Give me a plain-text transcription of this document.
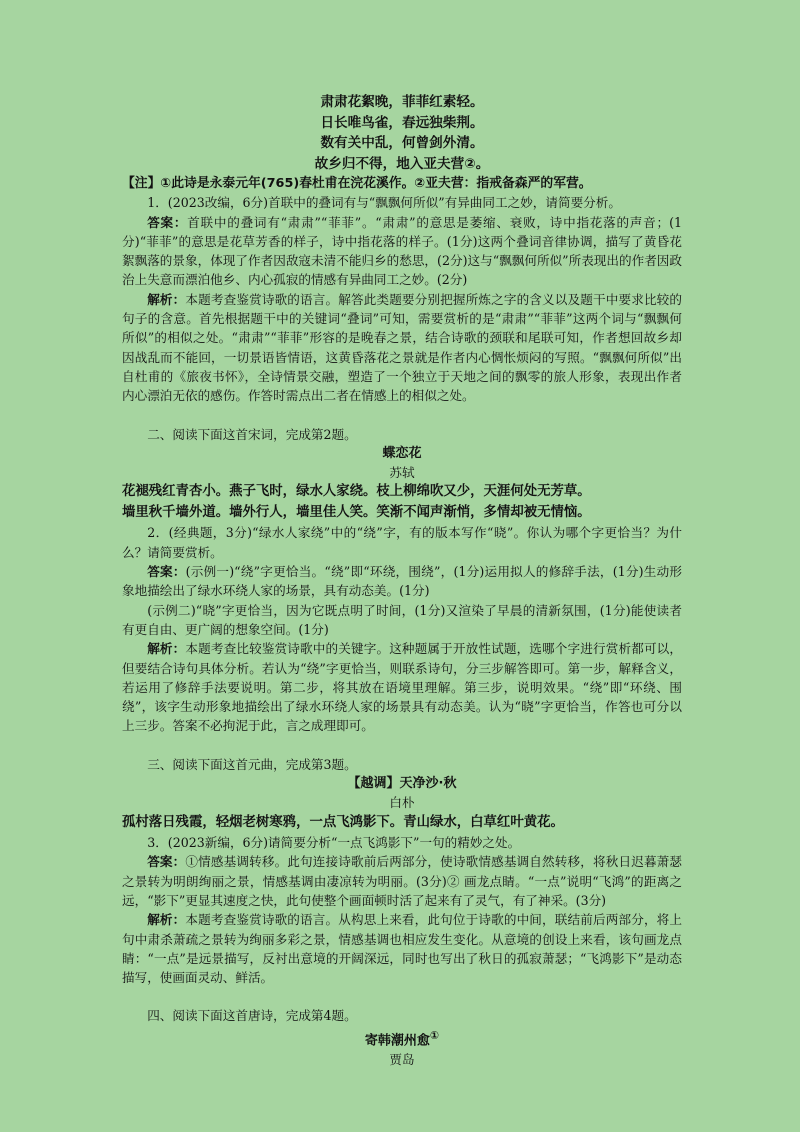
肃肃花絮晚，菲菲红素轻。

日长唯鸟雀，春远独柴荆。

数有关中乱，何曾剑外清。

故乡归不得，地入亚夫营②。

【注】①此诗是永泰元年(765)春杜甫在浣花溪作。②亚夫营：指戒备森严的军营。

1．(2023改编，6分)首联中的叠词有与“飘飘何所似”有异曲同工之妙，请简要分析。

答案：首联中的叠词有“肃肃”“菲菲”。“肃肃”的意思是萎缩、衰败，诗中指花落的声音；(1分)“菲菲”的意思是花草芳香的样子，诗中指花落的样子。(1分)这两个叠词音律协调，描写了黄昏花絮飘落的景象，体现了作者因敌寇未清不能归乡的愁思，(2分)这与“飘飘何所似”所表现出的作者因政治上失意而漂泊他乡、内心孤寂的情感有异曲同工之妙。(2分)

解析：本题考查鉴赏诗歌的语言。解答此类题要分别把握所炼之字的含义以及题干中要求比较的句子的含意。首先根据题干中的关键词“叠词”可知，需要赏析的是“肃肃”“菲菲”这两个词与“飘飘何所似”的相似之处。“肃肃”“菲菲”形容的是晚春之景，结合诗歌的颈联和尾联可知，作者想回故乡却因战乱而不能回，一切景语皆情语，这黄昏落花之景就是作者内心惆怅烦闷的写照。“飘飘何所似”出自杜甫的《旅夜书怀》，全诗情景交融，塑造了一个独立于天地之间的飘零的旅人形象，表现出作者内心漂泊无依的感伤。作答时需点出二者在情感上的相似之处。

二、阅读下面这首宋词，完成第2题。

蝶恋花

苏轼

花褪残红青杏小。燕子飞时，绿水人家绕。枝上柳绵吹又少，天涯何处无芳草。

墙里秋千墙外道。墙外行人，墙里佳人笑。笑渐不闻声渐悄，多情却被无情恼。

2．(经典题，3分)“绿水人家绕”中的“绕”字，有的版本写作“晓”。你认为哪个字更恰当？为什么？请简要赏析。

答案：(示例一)“绕”字更恰当。“绕”即“环绕，围绕”，(1分)运用拟人的修辞手法，(1分)生动形象地描绘出了绿水环绕人家的场景，具有动态美。(1分)

(示例二)“晓”字更恰当，因为它既点明了时间，(1分)又渲染了早晨的清新氛围，(1分)能使读者有更自由、更广阔的想象空间。(1分)

解析：本题考查比较鉴赏诗歌中的关键字。这种题属于开放性试题，选哪个字进行赏析都可以，但要结合诗句具体分析。若认为“绕”字更恰当，则联系诗句，分三步解答即可。第一步，解释含义，若运用了修辞手法要说明。第二步，将其放在语境里理解。第三步，说明效果。“绕”即“环绕、围绕”，该字生动形象地描绘出了绿水环绕人家的场景具有动态美。认为“晓”字更恰当，作答也可分以上三步。答案不必拘泥于此，言之成理即可。

三、阅读下面这首元曲，完成第3题。

【越调】天净沙·秋

白朴

孤村落日残霞，轻烟老树寒鸦，一点飞鸿影下。青山绿水，白草红叶黄花。

3．(2023新编，6分)请简要分析“一点飞鸿影下”一句的精妙之处。

答案：①情感基调转移。此句连接诗歌前后两部分，使诗歌情感基调自然转移，将秋日迟暮萧瑟之景转为明朗绚丽之景，情感基调由凄凉转为明丽。(3分)② 画龙点睛。“一点”说明“飞鸿”的距离之远，“影下”更显其速度之快，此句使整个画面顿时活了起来有了灵气，有了神采。(3分)

解析：本题考查鉴赏诗歌的语言。从构思上来看，此句位于诗歌的中间，联结前后两部分，将上句中肃杀萧疏之景转为绚丽多彩之景，情感基调也相应发生变化。从意境的创设上来看，该句画龙点睛：“一点”是远景描写，反衬出意境的开阔深远，同时也写出了秋日的孤寂萧瑟；“飞鸿影下”是动态描写，使画面灵动、鲜活。

四、阅读下面这首唐诗，完成第4题。

寄韩潮州愈①

贾岛
